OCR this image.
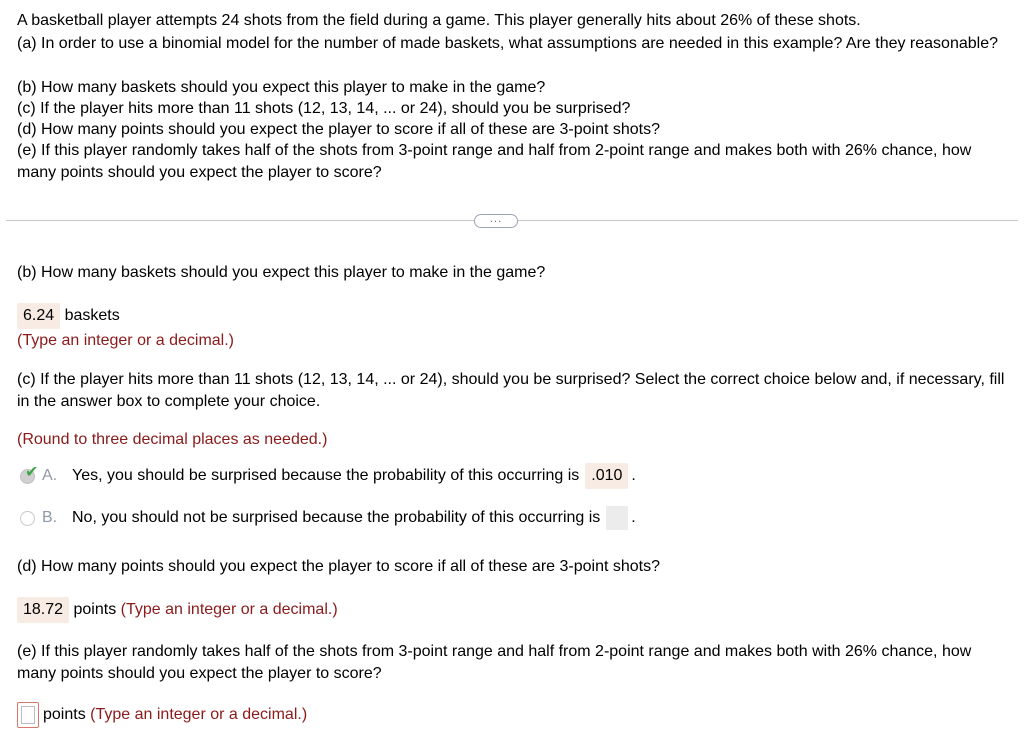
A basketball player attempts 24 shots from the field during a game. This player generally hits about 26% of these shots.
(a) In order to use a binomial model for the number of made baskets, what assumptions are needed in this example? Are they reasonable?
(b) How many baskets should you expect this player to make in the game?
(c) If the player hits more than 11 shots (12, 13, 14, ... or 24), should you be surprised?
(d) How many points should you expect the player to score if all of these are 3-point shots?
(e) If this player randomly takes half of the shots from 3-point range and half from 2-point range and makes both with 26% chance, how many points should you expect the player to score?
...
(b) How many baskets should you expect this player to make in the game?
6.24 baskets
(Type an integer or a decimal.)
(c) If the player hits more than 11 shots (12, 13, 14, ... or 24), should you be surprised? Select the correct choice below and, if necessary, fill in the answer box to complete your choice.
(Round to three decimal places as needed.)
✔ A. Yes, you should be surprised because the probability of this occurring is .010 .
B. No, you should not be surprised because the probability of this occurring is .
(d) How many points should you expect the player to score if all of these are 3-point shots?
18.72 points (Type an integer or a decimal.)
(e) If this player randomly takes half of the shots from 3-point range and half from 2-point range and makes both with 26% chance, how many points should you expect the player to score?
points (Type an integer or a decimal.)
